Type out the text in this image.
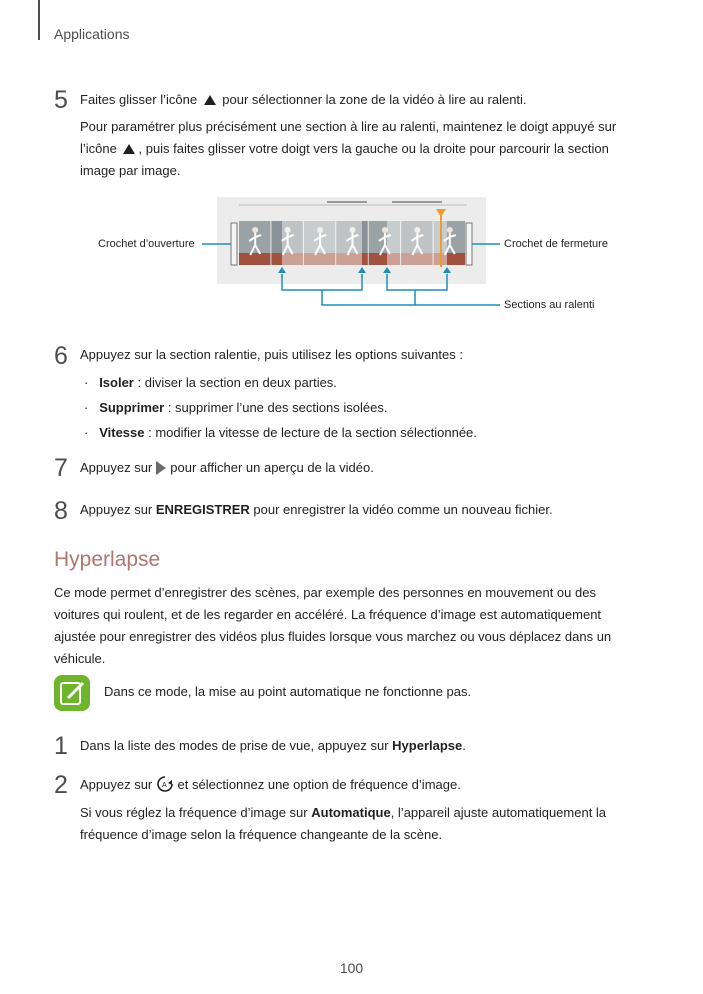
Applications
5 Faites glisser l’icône pour sélectionner la zone de la vidéo à lire au ralenti.
Pour paramétrer plus précisément une section à lire au ralenti, maintenez le doigt appuyé sur
l’icône , puis faites glisser votre doigt vers la gauche ou la droite pour parcourir la section
image par image.
Crochet d’ouverture	Crochet de fermeture
Sections au ralenti
6 Appuyez sur la section ralentie, puis utilisez les options suivantes :
· Isoler : diviser la section en deux parties.
· Supprimer : supprimer l’une des sections isolées.
· Vitesse : modifier la vitesse de lecture de la section sélectionnée.
7 Appuyez sur pour afficher un aperçu de la vidéo.
8 Appuyez sur ENREGISTRER pour enregistrer la vidéo comme un nouveau fichier.
Hyperlapse
Ce mode permet d’enregistrer des scènes, par exemple des personnes en mouvement ou des
voitures qui roulent, et de les regarder en accéléré. La fréquence d’image est automatiquement
ajustée pour enregistrer des vidéos plus fluides lorsque vous marchez ou vous déplacez dans un
véhicule.
Dans ce mode, la mise au point automatique ne fonctionne pas.
1 Dans la liste des modes de prise de vue, appuyez sur Hyperlapse.
2 Appuyez sur A et sélectionnez une option de fréquence d’image.
Si vous réglez la fréquence d’image sur Automatique, l’appareil ajuste automatiquement la
fréquence d’image selon la fréquence changeante de la scène.
100
